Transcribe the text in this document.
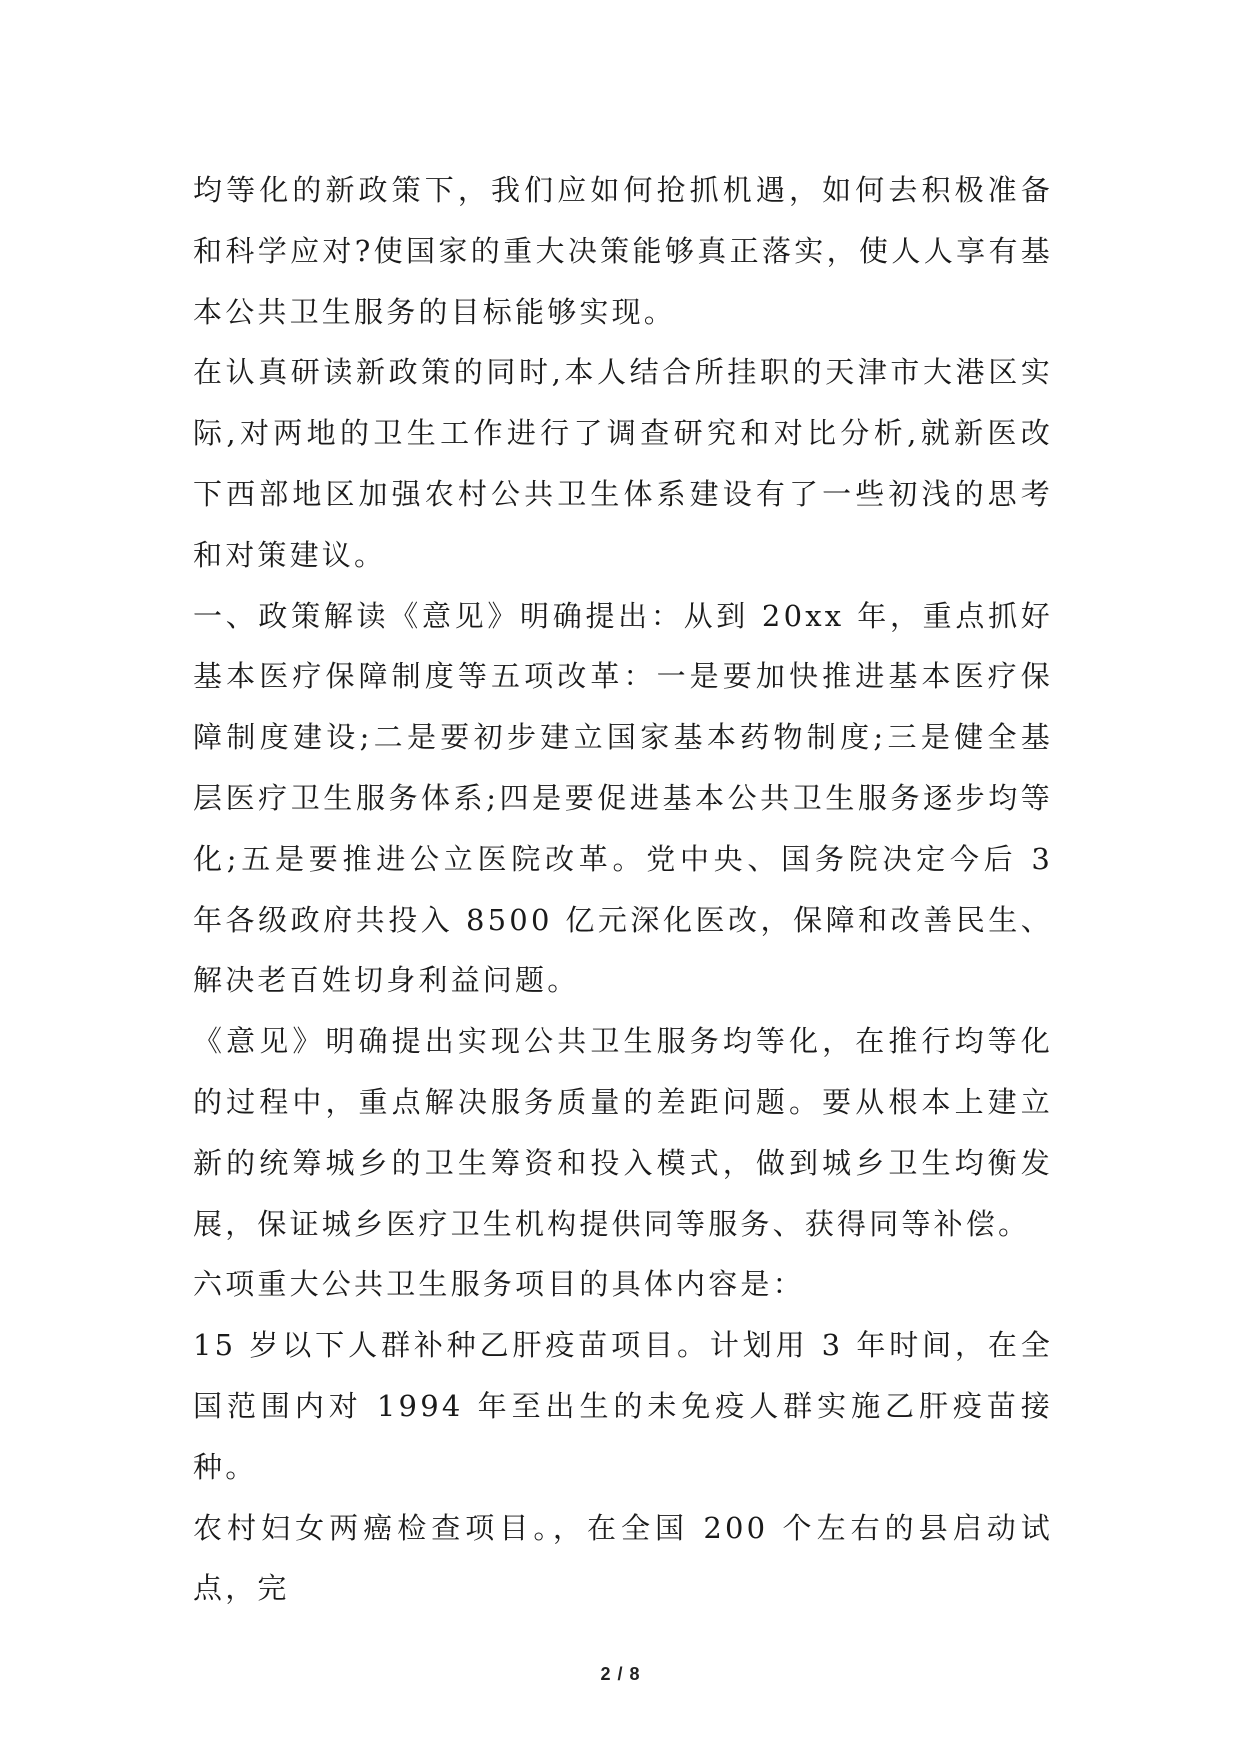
均等化的新政策下，我们应如何抢抓机遇，如何去积极准备和科学应对?使国家的重大决策能够真正落实，使人人享有基本公共卫生服务的目标能够实现。

在认真研读新政策的同时,本人结合所挂职的天津市大港区实际,对两地的卫生工作进行了调查研究和对比分析,就新医改下西部地区加强农村公共卫生体系建设有了一些初浅的思考和对策建议。

一、政策解读《意见》明确提出：从到 20xx 年，重点抓好基本医疗保障制度等五项改革：一是要加快推进基本医疗保障制度建设;二是要初步建立国家基本药物制度;三是健全基层医疗卫生服务体系;四是要促进基本公共卫生服务逐步均等化;五是要推进公立医院改革。党中央、国务院决定今后 3 年各级政府共投入 8500 亿元深化医改，保障和改善民生、解决老百姓切身利益问题。

《意见》明确提出实现公共卫生服务均等化，在推行均等化的过程中，重点解决服务质量的差距问题。要从根本上建立新的统筹城乡的卫生筹资和投入模式，做到城乡卫生均衡发展，保证城乡医疗卫生机构提供同等服务、获得同等补偿。

六项重大公共卫生服务项目的具体内容是：

15 岁以下人群补种乙肝疫苗项目。计划用 3 年时间，在全国范围内对 1994 年至出生的未免疫人群实施乙肝疫苗接种。

农村妇女两癌检查项目。，在全国 200 个左右的县启动试点，完

2 / 8
